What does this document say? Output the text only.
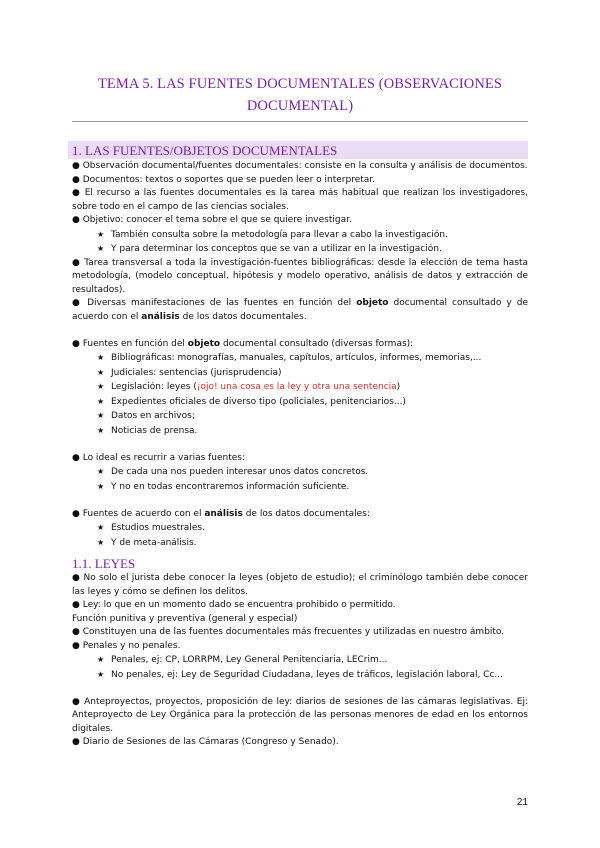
TEMA 5. LAS FUENTES DOCUMENTALES (OBSERVACIONES DOCUMENTAL)
1. LAS FUENTES/OBJETOS DOCUMENTALES

● Observación documental/fuentes documentales: consiste en la consulta y análisis de documentos.

● Documentos: textos o soportes que se pueden leer o interpretar.

● El recurso a las fuentes documentales es la tarea más habitual que realizan los investigadores, sobre todo en el campo de las ciencias sociales.

● Objetivo: conocer el tema sobre el que se quiere investigar.

★ También consulta sobre la metodología para llevar a cabo la investigación.
★ Y para determinar los conceptos que se van a utilizar en la investigación.

● Tarea transversal a toda la investigación-fuentes bibliográficas: desde la elección de tema hasta metodología, (modelo conceptual, hipótesis y modelo operativo, análisis de datos y extracción de resultados).

● Diversas manifestaciones de las fuentes en función del objeto documental consultado y de acuerdo con el análisis de los datos documentales.

● Fuentes en función del objeto documental consultado (diversas formas):

★ Bibliográficas: monografías, manuales, capítulos, artículos, informes, memorias,...
★ Judiciales: sentencias (jurisprudencia)
★ Legislación: leyes (¡ojo! una cosa es la ley y otra una sentencia)
★ Expedientes oficiales de diverso tipo (policiales, penitenciarios...)
★ Datos en archivos;
★ Noticias de prensa.

● Lo ideal es recurrir a varias fuentes:

★ De cada una nos pueden interesar unos datos concretos.
★ Y no en todas encontraremos información suficiente.

● Fuentes de acuerdo con el análisis de los datos documentales:

★ Estudios muestrales.
★ Y de meta-análisis.
1.1. LEYES

● No solo el jurista debe conocer la leyes (objeto de estudio); el criminólogo también debe conocer las leyes y cómo se definen los delitos.

● Ley: lo que en un momento dado se encuentra prohibido o permitido.

Función punitiva y preventiva (general y especial)

● Constituyen una de las fuentes documentales más frecuentes y utilizadas en nuestro ámbito.

● Penales y no penales.

★ Penales, ej: CP, LORRPM, Ley General Penitenciaria, LECrim...
★ No penales, ej: Ley de Seguridad Ciudadana, leyes de tráficos, legislación laboral, Cc...

● Anteproyectos, proyectos, proposición de ley: diarios de sesiones de las cámaras legislativas. Ej: Anteproyecto de Ley Orgánica para la protección de las personas menores de edad en los entornos digitales.

● Diario de Sesiones de las Cámaras (Congreso y Senado).

21
